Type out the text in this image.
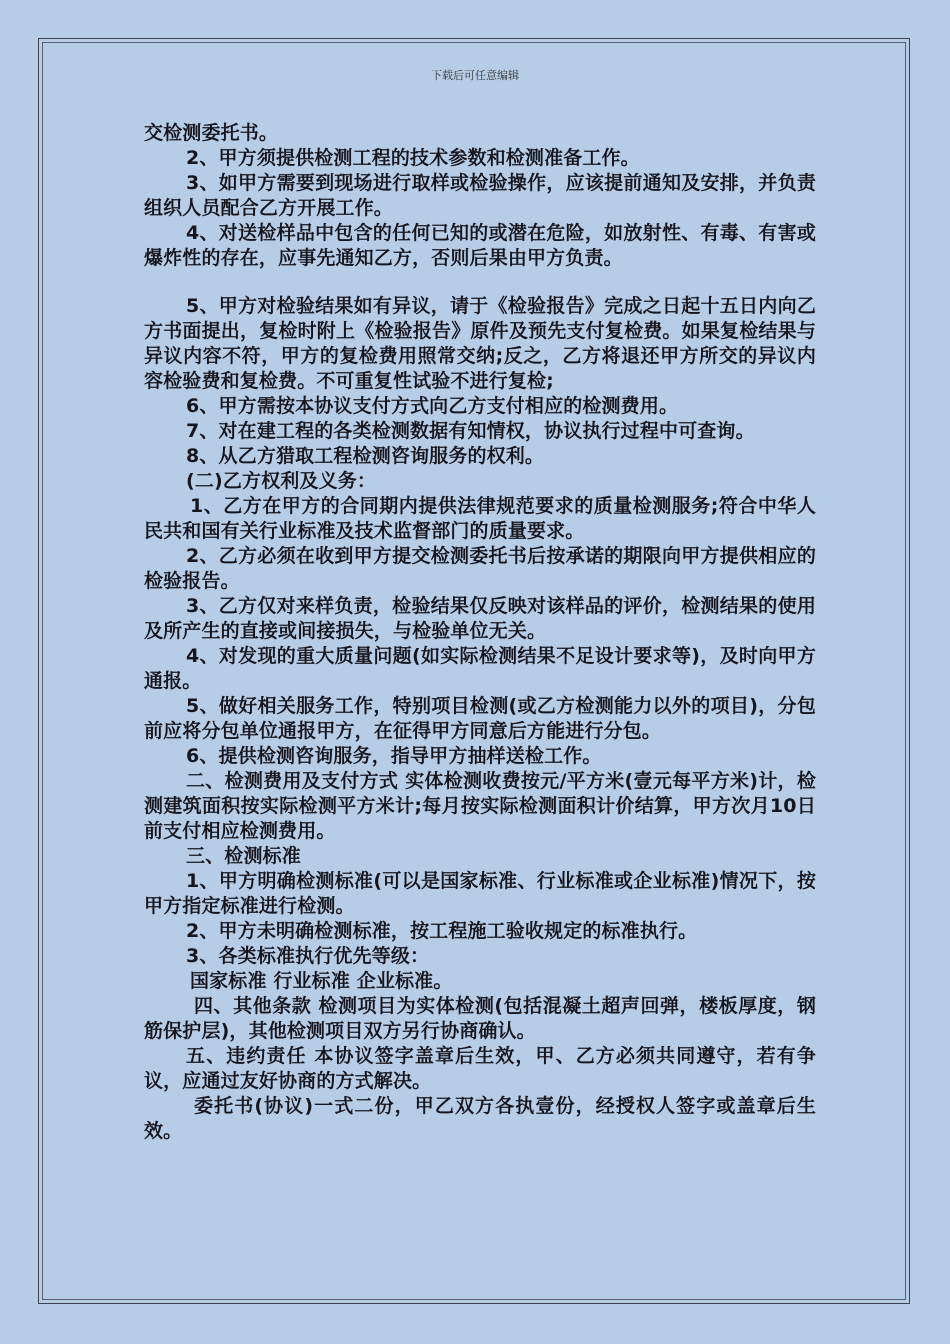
下载后可任意编辑

交检测委托书。

2、甲方须提供检测工程的技术参数和检测准备工作。

3、如甲方需要到现场进行取样或检验操作，应该提前通知及安排，并负责组织人员配合乙方开展工作。

4、对送检样品中包含的任何已知的或潜在危险，如放射性、有毒、有害或爆炸性的存在，应事先通知乙方，否则后果由甲方负责。

5、甲方对检验结果如有异议，请于《检验报告》完成之日起十五日内向乙方书面提出，复检时附上《检验报告》原件及预先支付复检费。如果复检结果与异议内容不符，甲方的复检费用照常交纳;反之，乙方将退还甲方所交的异议内容检验费和复检费。不可重复性试验不进行复检;

6、甲方需按本协议支付方式向乙方支付相应的检测费用。

7、对在建工程的各类检测数据有知情权，协议执行过程中可查询。

8、从乙方猎取工程检测咨询服务的权利。

(二)乙方权利及义务：

1、乙方在甲方的合同期内提供法律规范要求的质量检测服务;符合中华人民共和国有关行业标准及技术监督部门的质量要求。

2、乙方必须在收到甲方提交检测委托书后按承诺的期限向甲方提供相应的检验报告。

3、乙方仅对来样负责，检验结果仅反映对该样品的评价，检测结果的使用及所产生的直接或间接损失，与检验单位无关。

4、对发现的重大质量问题(如实际检测结果不足设计要求等)，及时向甲方通报。

5、做好相关服务工作，特别项目检测(或乙方检测能力以外的项目)，分包前应将分包单位通报甲方，在征得甲方同意后方能进行分包。

6、提供检测咨询服务，指导甲方抽样送检工作。

二、检测费用及支付方式 实体检测收费按元/平方米(壹元每平方米)计，检测建筑面积按实际检测平方米计;每月按实际检测面积计价结算，甲方次月10日前支付相应检测费用。

三、检测标准

1、甲方明确检测标准(可以是国家标准、行业标准或企业标准)情况下，按甲方指定标准进行检测。

2、甲方未明确检测标准，按工程施工验收规定的标准执行。

3、各类标准执行优先等级：

国家标准 行业标准 企业标准。

四、其他条款 检测项目为实体检测(包括混凝土超声回弹，楼板厚度，钢筋保护层)，其他检测项目双方另行协商确认。

五、违约责任 本协议签字盖章后生效，甲、乙方必须共同遵守，若有争议，应通过友好协商的方式解决。

委托书(协议)一式二份，甲乙双方各执壹份，经授权人签字或盖章后生效。
